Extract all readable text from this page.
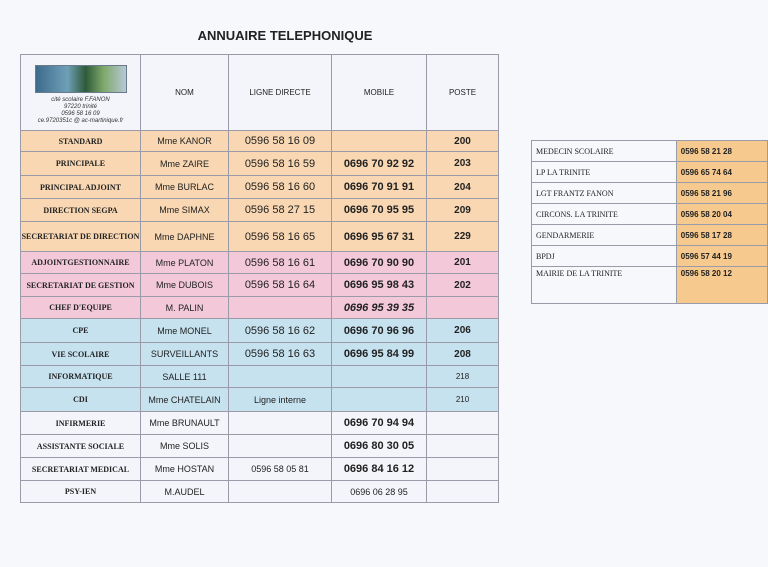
ANNUAIRE TELEPHONIQUE
cité scolaire F.FANON
97220 trinité
0596 58 16 09
ce.9720351c @ ac-martinique.fr	NOM	LIGNE DIRECTE	MOBILE	POSTE
STANDARD	Mme KANOR	0596 58 16 09		200
PRINCIPALE	Mme ZAIRE	0596 58 16 59	0696 70 92 92	203
PRINCIPAL ADJOINT	Mme BURLAC	0596 58 16 60	0696 70 91 91	204
DIRECTION SEGPA	Mme SIMAX	0596 58 27 15	0696 70 95 95	209
SECRETARIAT DE DIRECTION	Mme DAPHNE	0596 58 16 65	0696 95 67 31	229
ADJOINTGESTIONNAIRE	Mme PLATON	0596 58 16 61	0696 70 90 90	201
SECRETARIAT DE GESTION	Mme DUBOIS	0596 58 16 64	0696 95 98 43	202
CHEF D'EQUIPE	M. PALIN		0696 95 39 35	
CPE	Mme MONEL	0596 58 16 62	0696 70 96 96	206
VIE SCOLAIRE	SURVEILLANTS	0596 58 16 63	0696 95 84 99	208
INFORMATIQUE	SALLE 111			218
CDI	Mme CHATELAIN	Ligne interne		210
INFIRMERIE	Mme BRUNAULT		0696 70 94 94	
ASSISTANTE SOCIALE	Mme SOLIS		0696 80 30 05	
SECRETARIAT MEDICAL	Mme HOSTAN	0596 58 05 81	0696 84 16 12	
PSY-IEN	M.AUDEL		0696 06 28 95	
MEDECIN SCOLAIRE	0596 58 21 28
LP LA TRINITE	0596 65 74 64
LGT FRANTZ FANON	0596 58 21 96
CIRCONS. LA TRINITE	0596 58 20 04
GENDARMERIE	0596 58 17 28
BPDJ	0596 57 44 19
MAIRIE DE LA TRINITE	0596 58 20 12
